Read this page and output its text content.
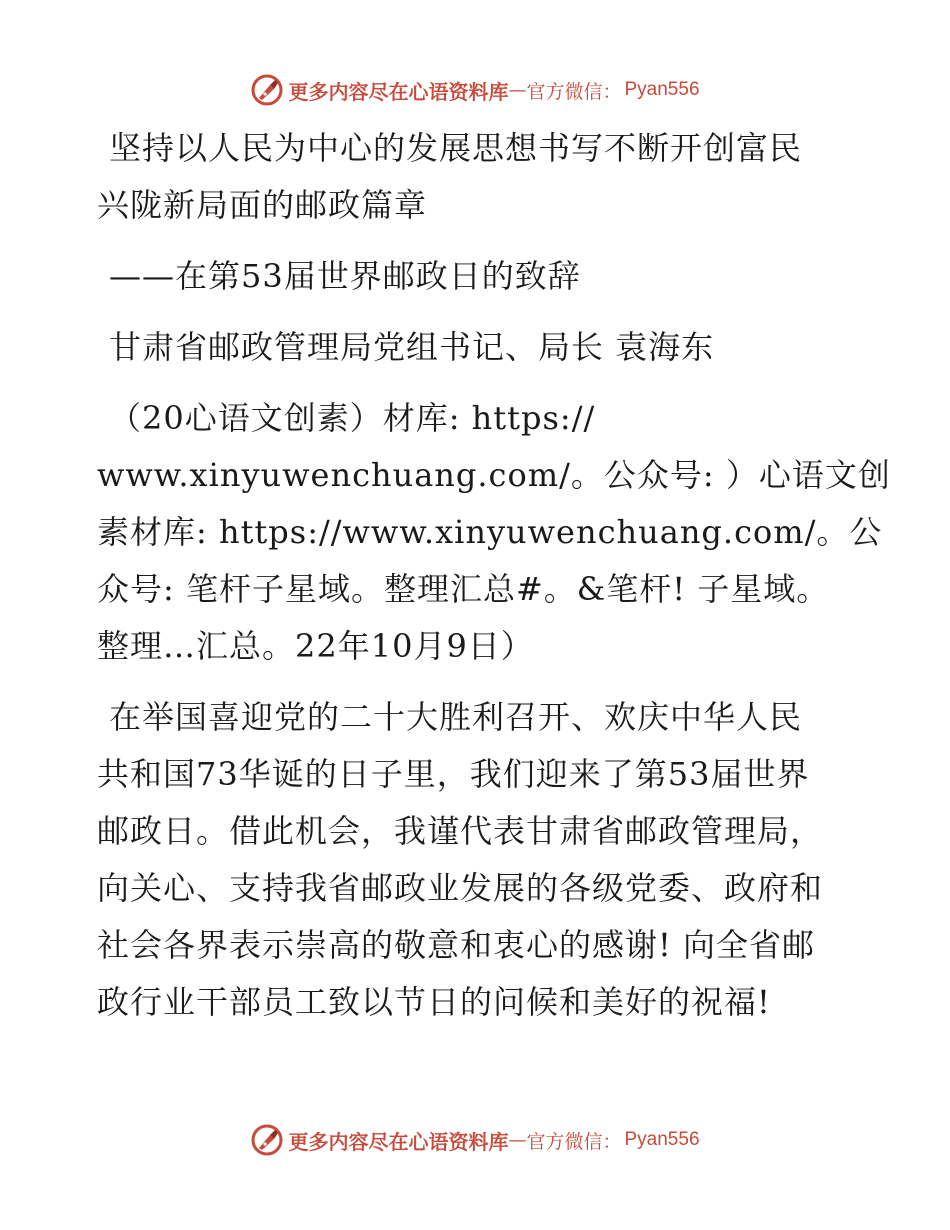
更多内容尽在心语资料库 — 官方微信： Pyan556
坚持以人民为中心的发展思想书写不断开创富民
兴陇新局面的邮政篇章
——在第53届世界邮政日的致辞
甘肃省邮政管理局党组书记、局长 袁海东
（20心语文创素）材库: https://
www.xinyuwenchuang.com/。公众号: ）心语文创
素材库: https://www.xinyuwenchuang.com/。公
众号: 笔杆子星域。整理汇总#。&笔杆! 子星域。
整理…汇总。22年10月9日）
在举国喜迎党的二十大胜利召开、欢庆中华人民
共和国73华诞的日子里，我们迎来了第53届世界
邮政日。借此机会，我谨代表甘肃省邮政管理局，
向关心、支持我省邮政业发展的各级党委、政府和
社会各界表示崇高的敬意和衷心的感谢! 向全省邮
政行业干部员工致以节日的问候和美好的祝福!
更多内容尽在心语资料库 — 官方微信： Pyan556
